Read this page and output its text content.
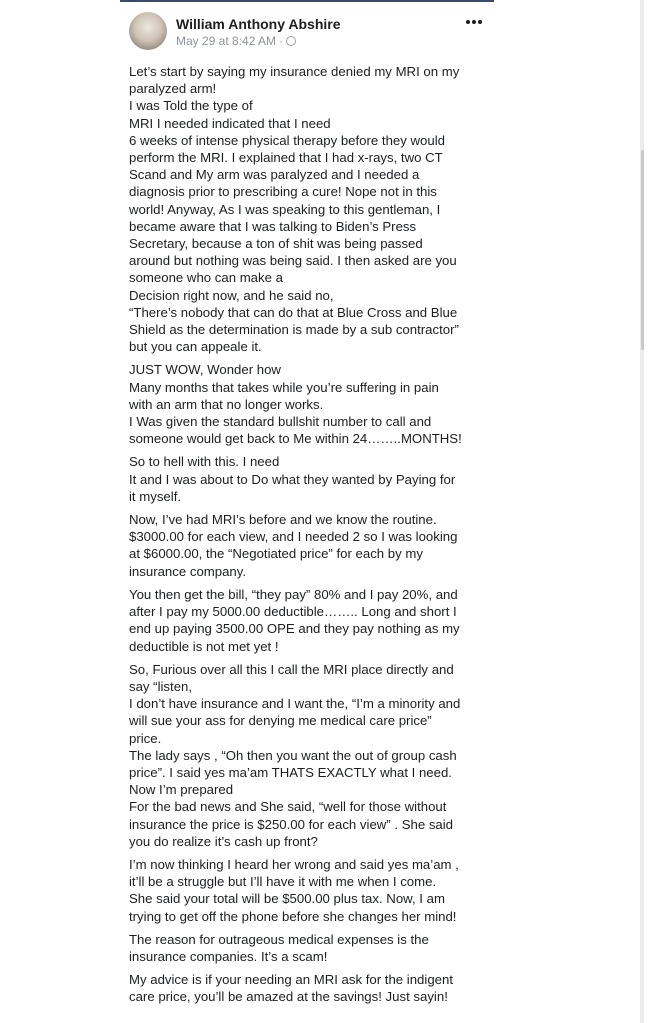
William Anthony Abshire
May 29 at 8:42 AM ·
Let’s start by saying my insurance denied my MRI on my
paralyzed arm!
I was Told the type of
MRI I needed indicated that I need
6 weeks of intense physical therapy before they would
perform the MRI. I explained that I had x-rays, two CT
Scand and My arm was paralyzed and I needed a
diagnosis prior to prescribing a cure! Nope not in this
world! Anyway, As I was speaking to this gentleman, I
became aware that I was talking to Biden’s Press
Secretary, because a ton of shit was being passed
around but nothing was being said. I then asked are you
someone who can make a
Decision right now, and he said no,
“There’s nobody that can do that at Blue Cross and Blue
Shield as the determination is made by a sub contractor”
but you can appeale it.
JUST WOW, Wonder how
Many months that takes while you’re suffering in pain
with an arm that no longer works.
I Was given the standard bullshit number to call and
someone would get back to Me within 24……..MONTHS!
So to hell with this. I need
It and I was about to Do what they wanted by Paying for
it myself.
Now, I’ve had MRI’s before and we know the routine.
$3000.00 for each view, and I needed 2 so I was looking
at $6000.00, the “Negotiated price” for each by my
insurance company.
You then get the bill, “they pay” 80% and I pay 20%, and
after I pay my 5000.00 deductible…….. Long and short I
end up paying 3500.00 OPE and they pay nothing as my
deductible is not met yet !
So, Furious over all this I call the MRI place directly and
say “listen,
I don’t have insurance and I want the, “I’m a minority and
will sue your ass for denying me medical care price”
price.
The lady says , “Oh then you want the out of group cash
price”. I said yes ma’am THATS EXACTLY what I need.
Now I’m prepared
For the bad news and She said, “well for those without
insurance the price is $250.00 for each view” . She said
you do realize it’s cash up front?
I’m now thinking I heard her wrong and said yes ma’am ,
it’ll be a struggle but I’ll have it with me when I come.
She said your total will be $500.00 plus tax. Now, I am
trying to get off the phone before she changes her mind!
The reason for outrageous medical expenses is the
insurance companies. It’s a scam!
My advice is if your needing an MRI ask for the indigent
care price, you’ll be amazed at the savings! Just sayin!
